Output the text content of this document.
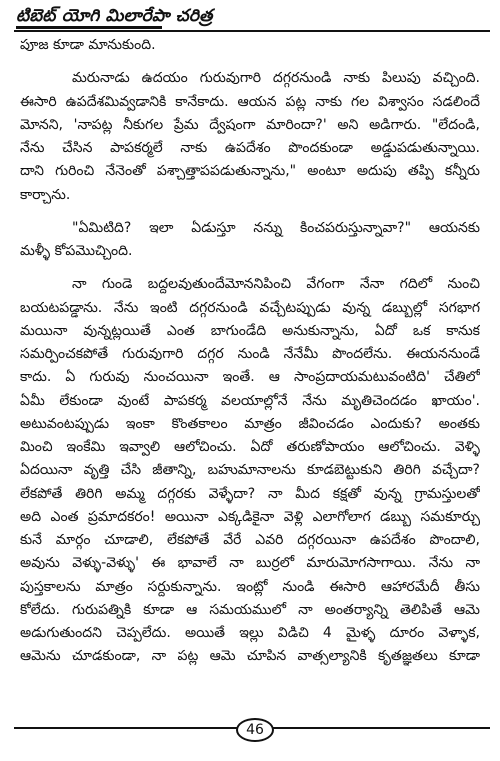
టిబెట్ యోగి మిలారేపా చరిత్ర
పూజ కూడా మానుకుంది.
మరునాడు ఉదయం గురువుగారి దగ్గరనుండి నాకు పిలుపు వచ్చింది.
ఈసారి ఉపదేశమివ్వడానికి కానేకాదు. ఆయన పట్ల నాకు గల విశ్వాసం సడలిందే
మోనని, 'నాపట్ల నీకుగల ప్రేమ ద్వేషంగా మారిందా?' అని అడిగారు. "లేదండి,
నేను చేసిన పాపకర్మలే నాకు ఉపదేశం పొందకుండా అడ్డుపడుతున్నాయి.
దాని గురించి నేనెంతో పశ్చాత్తాపపడుతున్నాను," అంటూ అదుపు తప్పి కన్నీరు
కార్చాను.
"ఏమిటిది? ఇలా ఏడుస్తూ నన్ను కించపరుస్తున్నావా?" ఆయనకు
మళ్ళీ కోపమొచ్చింది.
నా గుండె బద్దలవుతుందేమోననిపించి వేగంగా నేనా గదిలో నుంచి
బయటపడ్డాను. నేను ఇంటి దగ్గరనుండి వచ్చేటప్పుడు వున్న డబ్బుల్లో సగభాగ
మయినా వున్నట్లయితే ఎంత బాగుండేది అనుకున్నాను, ఏదో ఒక కానుక
సమర్పించకపోతే గురువుగారి దగ్గర నుండి నేనేమీ పొందలేను. ఈయననుండే
కాదు. ఏ గురువు నుంచయినా ఇంతే. ఆ సాంప్రదాయమటువంటిది' చేతిలో
ఏమీ లేకుండా వుంటే పాపకర్మ వలయాల్లోనే నేను మృతిచెందడం ఖాయం'.
అటువంటప్పుడు ఇంకా కొంతకాలం మాత్రం జీవించడం ఎందుకు? అంతకు
మించి ఇంకేమి ఇవ్వాలి ఆలోచించు. ఏదో తరుణోపాయం ఆలోచించు. వెళ్ళి
ఏదయినా వృత్తి చేసి జీతాన్ని, బహుమానాలను కూడబెట్టుకుని తిరిగి వచ్చేదా?
లేకపోతే తిరిగి అమ్మ దగ్గరకు వెళ్ళేదా? నా మీద కక్షతో వున్న గ్రామస్తులతో
అది ఎంత ప్రమాదకరం! అయినా ఎక్కడికైనా వెళ్లి ఎలాగోలాగ డబ్బు సమకూర్చు
కునే మార్గం చూడాలి, లేకపోతే వేరే ఎవరి దగ్గరయినా ఉపదేశం పొందాలి,
అవును వెళ్ళు-వెళ్ళు' ఈ భావాలే నా బుర్రలో మారుమోగసాగాయి. నేను నా
పుస్తకాలను మాత్రం సర్దుకున్నాను. ఇంట్లో నుండి ఈసారి ఆహారమేదీ తీసు
కోలేదు. గురుపత్నికి కూడా ఆ సమయములో నా అంతర్యాన్ని తెలిపితే ఆమె
అడుగుతుందని చెప్పలేదు. అయితే ఇల్లు విడిచి 4 మైళ్ళ దూరం వెళ్ళాక,
ఆమెను చూడకుండా, నా పట్ల ఆమె చూపిన వాత్సల్యానికి కృతజ్ఞతలు కూడా
46
